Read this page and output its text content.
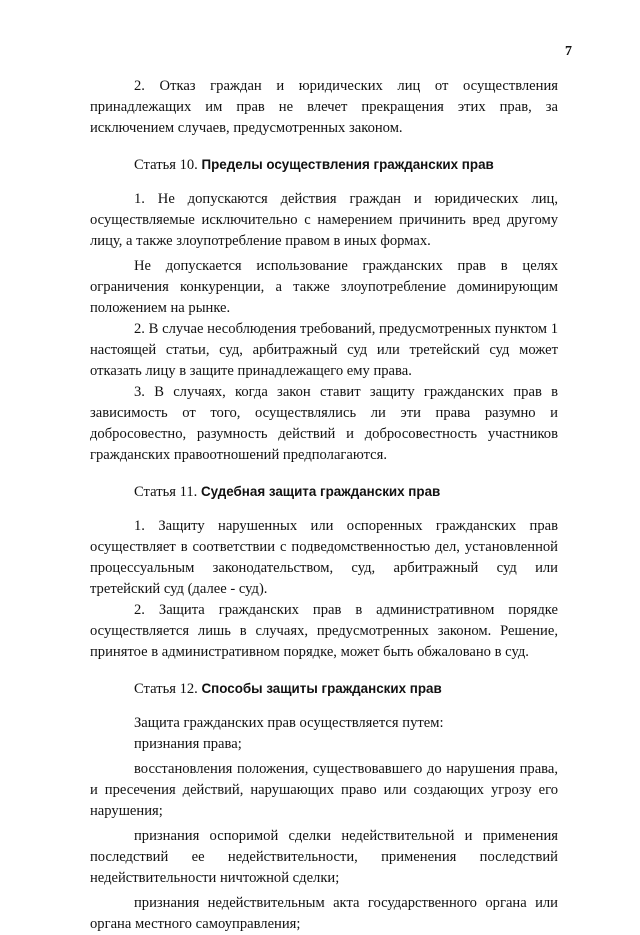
7

2. Отказ граждан и юридических лиц от осуществления принадлежащих им прав не влечет прекращения этих прав, за исключением случаев, предусмотренных законом.

Статья 10. Пределы осуществления гражданских прав

1. Не допускаются действия граждан и юридических лиц, осуществляемые исключительно с намерением причинить вред другому лицу, а также злоупотребление правом в иных формах.

Не допускается использование гражданских прав в целях ограничения конкуренции, а также злоупотребление доминирующим положением на рынке.

2. В случае несоблюдения требований, предусмотренных пунктом 1 настоящей статьи, суд, арбитражный суд или третейский суд может отказать лицу в защите принадлежащего ему права.

3. В случаях, когда закон ставит защиту гражданских прав в зависимость от того, осуществлялись ли эти права разумно и добросовестно, разумность действий и добросовестность участников гражданских правоотношений предполагаются.

Статья 11. Судебная защита гражданских прав

1. Защиту нарушенных или оспоренных гражданских прав осуществляет в соответствии с подведомственностью дел, установленной процессуальным законодательством, суд, арбитражный суд или третейский суд (далее - суд).

2. Защита гражданских прав в административном порядке осуществляется лишь в случаях, предусмотренных законом. Решение, принятое в административном порядке, может быть обжаловано в суд.

Статья 12. Способы защиты гражданских прав

Защита гражданских прав осуществляется путем:

признания права;

восстановления положения, существовавшего до нарушения права, и пресечения действий, нарушающих право или создающих угрозу его нарушения;

признания оспоримой сделки недействительной и применения последствий ее недействительности, применения последствий недействительности ничтожной сделки;

признания недействительным акта государственного органа или органа местного самоуправления;
